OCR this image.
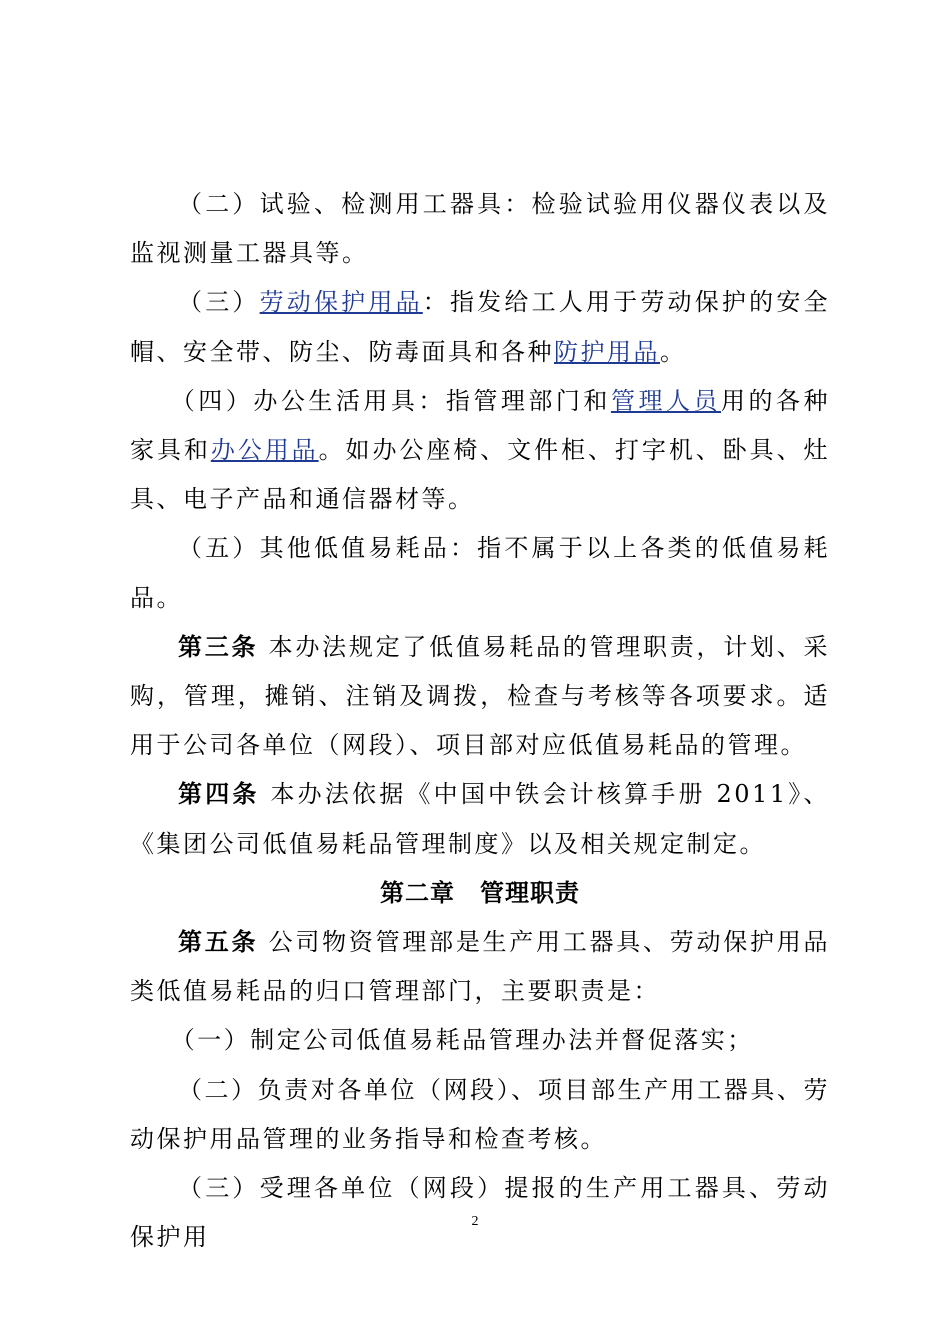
（二）试验、检测用工器具：检验试验用仪器仪表以及监视测量工器具等。

（三）劳动保护用品：指发给工人用于劳动保护的安全帽、安全带、防尘、防毒面具和各种防护用品。

（四）办公生活用具：指管理部门和管理人员用的各种家具和办公用品。如办公座椅、文件柜、打字机、卧具、灶具、电子产品和通信器材等。

（五）其他低值易耗品：指不属于以上各类的低值易耗品。

第三条 本办法规定了低值易耗品的管理职责，计划、采购，管理，摊销、注销及调拨，检查与考核等各项要求。适用于公司各单位（网段）、项目部对应低值易耗品的管理。

第四条 本办法依据《中国中铁会计核算手册 2011》、《集团公司低值易耗品管理制度》以及相关规定制定。

第二章　管理职责

第五条 公司物资管理部是生产用工器具、劳动保护用品类低值易耗品的归口管理部门，主要职责是：

（一）制定公司低值易耗品管理办法并督促落实；

（二）负责对各单位（网段）、项目部生产用工器具、劳动保护用品管理的业务指导和检查考核。

（三）受理各单位（网段）提报的生产用工器具、劳动保护用

2
